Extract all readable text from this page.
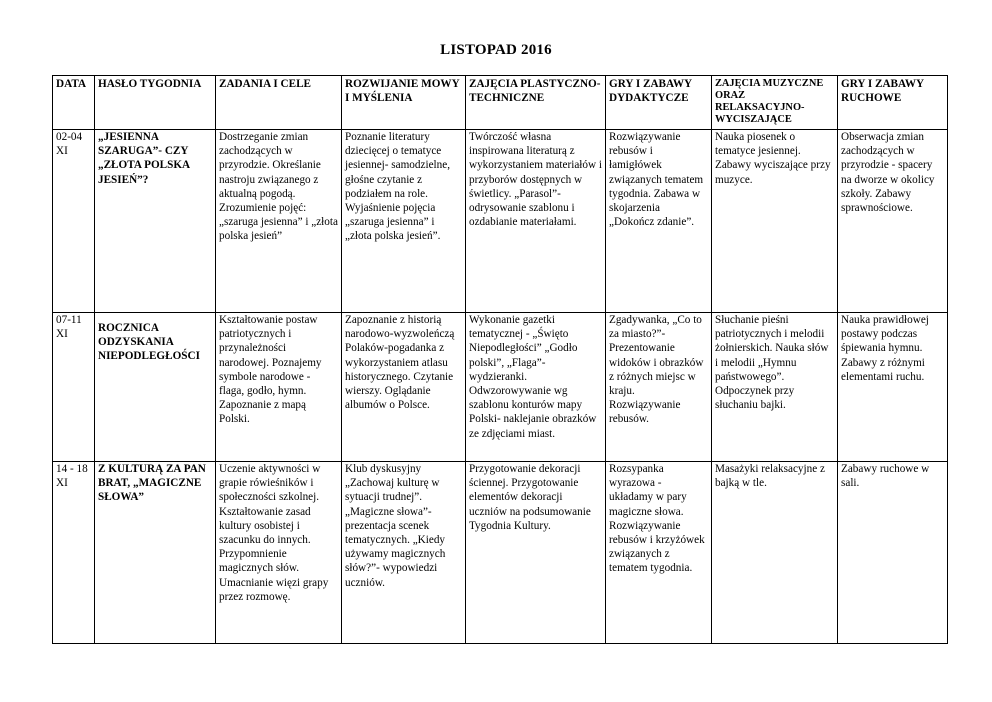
LISTOPAD 2016
DATA	HASŁO TYGODNIA	ZADANIA I CELE	ROZWIJANIE MOWY I MYŚLENIA	ZAJĘCIA PLASTYCZNO-TECHNICZNE	GRY I ZABAWY DYDAKTYCZE	ZAJĘCIA MUZYCZNE ORAZ RELAKSACYJNO-WYCISZAJĄCE	GRY I ZABAWY RUCHOWE
02-04 XI	„JESIENNA SZARUGA”- CZY „ZŁOTA POLSKA JESIEŃ”?	Dostrzeganie zmian zachodzących w przyrodzie. Określanie nastroju związanego z aktualną pogodą. Zrozumienie pojęć: „szaruga jesienna” i „złota polska jesień”	Poznanie literatury dziecięcej o tematyce jesiennej- samodzielne, głośne czytanie z podziałem na role. Wyjaśnienie pojęcia „szaruga jesienna” i „złota polska jesień”.	Twórczość własna inspirowana literaturą z wykorzystaniem materiałów i przyborów dostępnych w świetlicy. „Parasol”- odrysowanie szablonu i ozdabianie materiałami.	Rozwiązywanie rebusów i łamigłówek związanych tematem tygodnia. Zabawa w skojarzenia „Dokończ zdanie”.	Nauka piosenek o tematyce jesiennej. Zabawy wyciszające przy muzyce.	Obserwacja zmian zachodzących w przyrodzie - spacery na dworze w okolicy szkoły. Zabawy sprawnościowe.
07-11 XI	ROCZNICA ODZYSKANIA NIEPODLEGŁOŚCI	Kształtowanie postaw patriotycznych i przynależności narodowej. Poznajemy symbole narodowe - flaga, godło, hymn. Zapoznanie z mapą Polski.	Zapoznanie z historią narodowo-wyzwoleńczą Polaków-pogadanka z wykorzystaniem atlasu historycznego. Czytanie wierszy. Oglądanie albumów o Polsce.	Wykonanie gazetki tematycznej - „Święto Niepodległości” „Godło polski”, „Flaga”- wydzieranki. Odwzorowywanie wg szablonu konturów mapy Polski- naklejanie obrazków ze zdjęciami miast.	Zgadywanka, „Co to za miasto?”- Prezentowanie widoków i obrazków z różnych miejsc w kraju. Rozwiązywanie rebusów.	Słuchanie pieśni patriotycznych i melodii żołnierskich. Nauka słów i melodii „Hymnu państwowego”. Odpoczynek przy słuchaniu bajki.	Nauka prawidłowej postawy podczas śpiewania hymnu. Zabawy z różnymi elementami ruchu.
14 - 18 XI	Z KULTURĄ ZA PAN BRAT, „MAGICZNE SŁOWA”	Uczenie aktywności w grapie rówieśników i społeczności szkolnej. Kształtowanie zasad kultury osobistej i szacunku do innych. Przypomnienie magicznych słów. Umacnianie więzi grapy przez rozmowę.	Klub dyskusyjny „Zachowaj kulturę w sytuacji trudnej”. „Magiczne słowa”- prezentacja scenek tematycznych. „Kiedy używamy magicznych słów?”- wypowiedzi uczniów.	Przygotowanie dekoracji ściennej. Przygotowanie elementów dekoracji uczniów na podsumowanie Tygodnia Kultury.	Rozsypanka wyrazowa - układamy w pary magiczne słowa. Rozwiązywanie rebusów i krzyżówek związanych z tematem tygodnia.	Masażyki relaksacyjne z bajką w tle.	Zabawy ruchowe w sali.
